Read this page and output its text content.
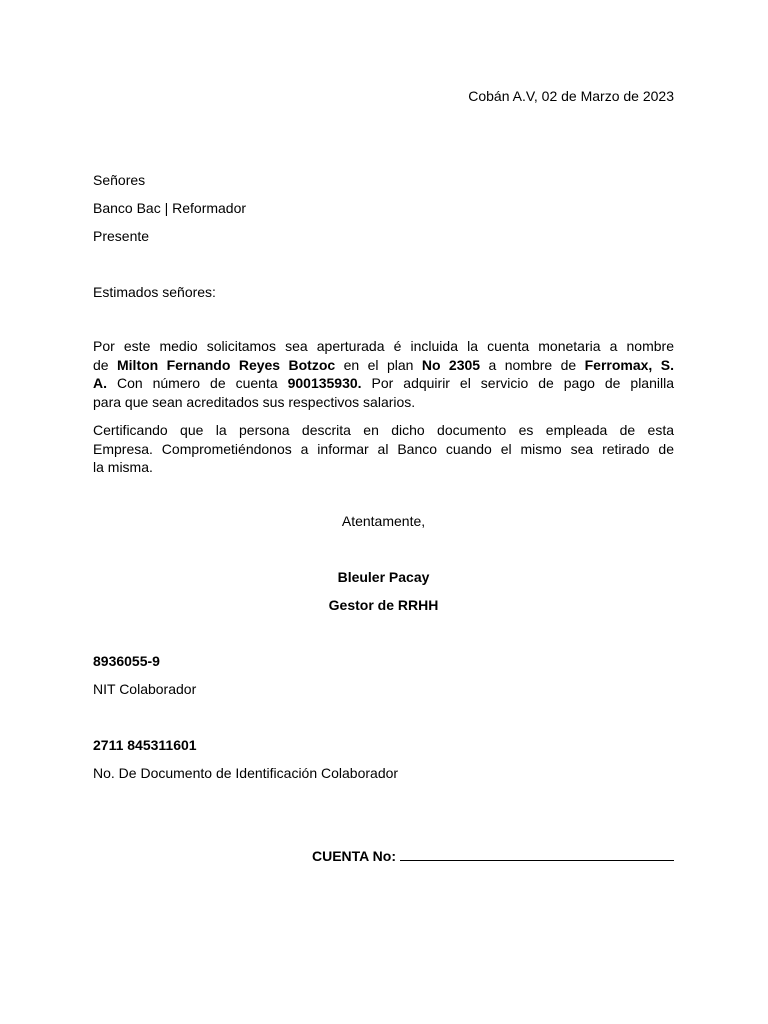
Cobán A.V, 02 de Marzo de 2023
Señores
Banco Bac | Reformador
Presente
Estimados señores:
Por este medio solicitamos sea aperturada é incluida la cuenta monetaria a nombre
de Milton Fernando Reyes Botzoc en el plan No 2305 a nombre de Ferromax, S.
A. Con número de cuenta 900135930. Por adquirir el servicio de pago de planilla
para que sean acreditados sus respectivos salarios.
Certificando que la persona descrita en dicho documento es empleada de esta
Empresa. Comprometiéndonos a informar al Banco cuando el mismo sea retirado de
la misma.
Atentamente,
Bleuler Pacay
Gestor de RRHH
8936055-9
NIT Colaborador
2711 845311601
No. De Documento de Identificación Colaborador
CUENTA No:
